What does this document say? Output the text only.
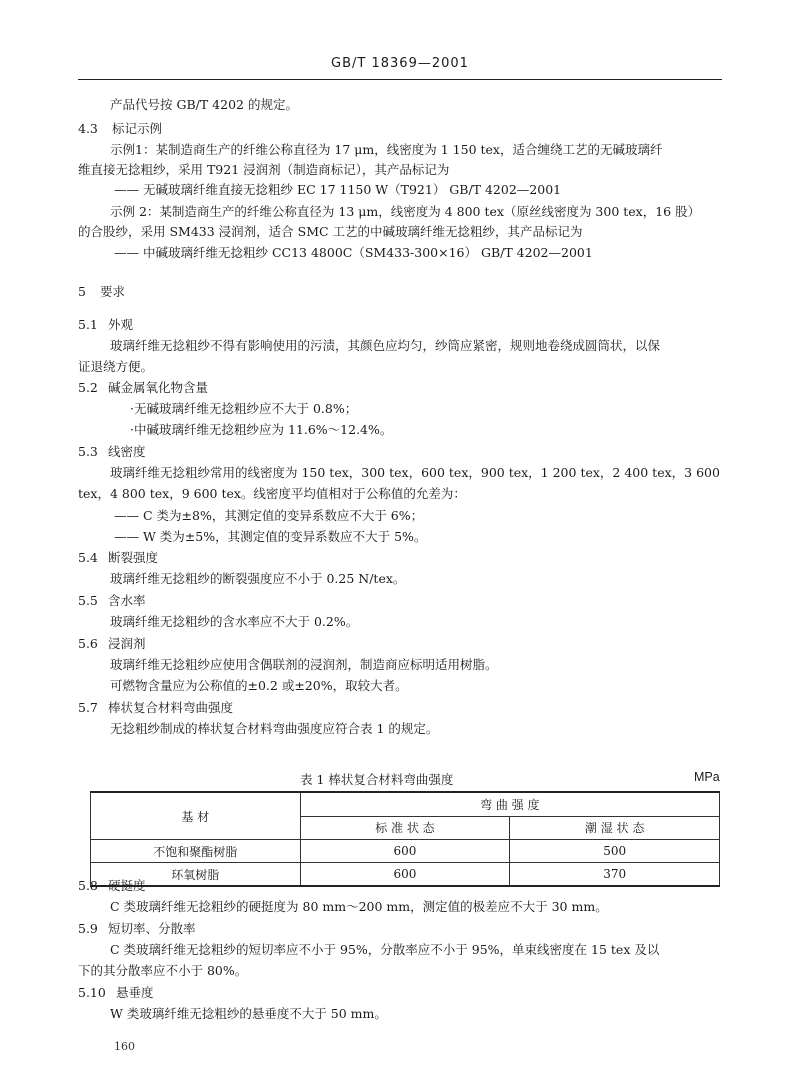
GB/T 18369—2001
产品代号按 GB/T 4202 的规定。
4.3 标记示例
示例1：某制造商生产的纤维公称直径为 17 μm，线密度为 1 150 tex，适合缠绕工艺的无碱玻璃纤
维直接无捻粗纱，采用 T921 浸润剂（制造商标记），其产品标记为
—— 无碱玻璃纤维直接无捻粗纱 EC 17 1150 W（T921） GB/T 4202—2001
示例 2：某制造商生产的纤维公称直径为 13 μm，线密度为 4 800 tex（原丝线密度为 300 tex，16 股）
的合股纱，采用 SM433 浸润剂，适合 SMC 工艺的中碱玻璃纤维无捻粗纱，其产品标记为
—— 中碱玻璃纤维无捻粗纱 CC13 4800C（SM433-300×16） GB/T 4202—2001
5 要求
5.1 外观
玻璃纤维无捻粗纱不得有影响使用的污渍，其颜色应均匀，纱筒应紧密，规则地卷绕成圆筒状，以保
证退绕方便。
5.2 碱金属氧化物含量
·无碱玻璃纤维无捻粗纱应不大于 0.8%；
·中碱玻璃纤维无捻粗纱应为 11.6%～12.4%。
5.3 线密度
玻璃纤维无捻粗纱常用的线密度为 150 tex，300 tex，600 tex，900 tex，1 200 tex，2 400 tex，3 600
tex，4 800 tex，9 600 tex。线密度平均值相对于公称值的允差为：
—— C 类为±8%，其测定值的变异系数应不大于 6%；
—— W 类为±5%，其测定值的变异系数应不大于 5%。
5.4 断裂强度
玻璃纤维无捻粗纱的断裂强度应不小于 0.25 N/tex。
5.5 含水率
玻璃纤维无捻粗纱的含水率应不大于 0.2%。
5.6 浸润剂
玻璃纤维无捻粗纱应使用含偶联剂的浸润剂，制造商应标明适用树脂。
可燃物含量应为公称值的±0.2 或±20%，取较大者。
5.7 棒状复合材料弯曲强度
无捻粗纱制成的棒状复合材料弯曲强度应符合表 1 的规定。
表 1 棒状复合材料弯曲强度	MPa
基 材	弯 曲 强 度	
	标 准 状 态	潮 湿 状 态
不饱和聚酯树脂	600	500
环氧树脂	600	370
5.8 硬挺度
C 类玻璃纤维无捻粗纱的硬挺度为 80 mm～200 mm，测定值的极差应不大于 30 mm。
5.9 短切率、分散率
C 类玻璃纤维无捻粗纱的短切率应不小于 95%，分散率应不小于 95%，单束线密度在 15 tex 及以
下的其分散率应不小于 80%。
5.10 悬垂度
W 类玻璃纤维无捻粗纱的悬垂度不大于 50 mm。
160
